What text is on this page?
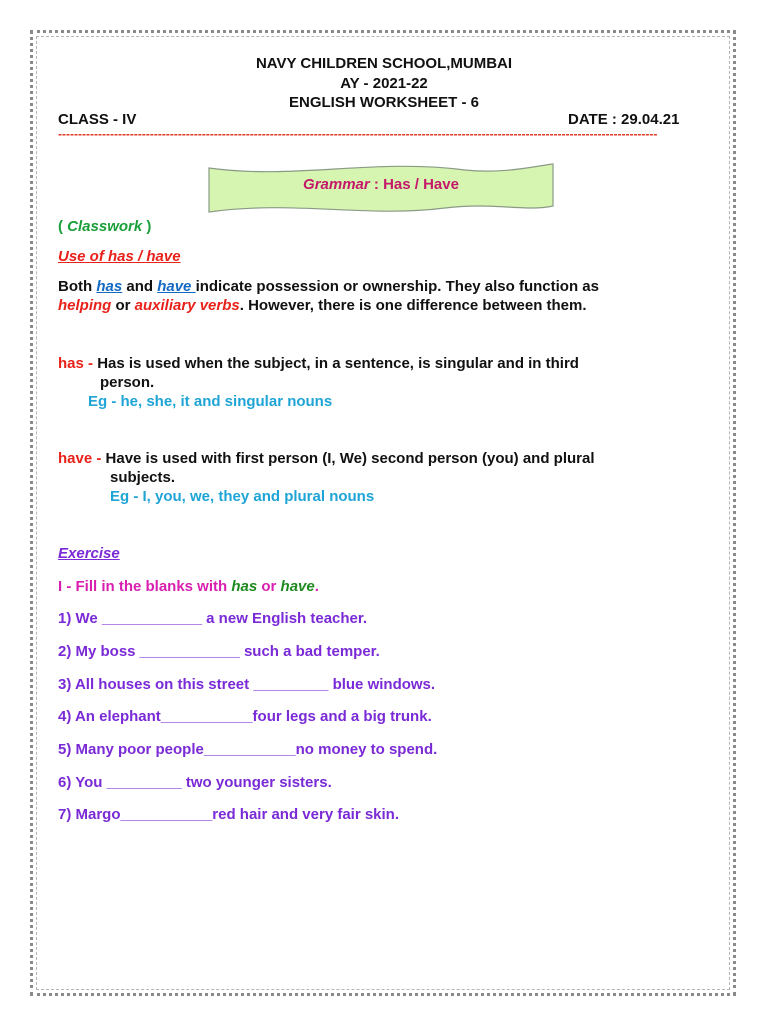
NAVY CHILDREN SCHOOL,MUMBAI
AY - 2021-22
ENGLISH WORKSHEET - 6
CLASS - IV	DATE : 29.04.21
------------------------------------------------------------------------------------------------------------------------------------------------------
Grammar : Has / Have
( Classwork )
Use of has / have
Both has and have indicate possession or ownership. They also function as
helping or auxiliary verbs. However, there is one difference between them.
has - Has is used when the subject, in a sentence, is singular and in third
person.
Eg - he, she, it and singular nouns
have - Have is used with first person (I, We) second person (you) and plural
subjects.
Eg - I, you, we, they and plural nouns
Exercise
I - Fill in the blanks with has or have.
1) We ____________ a new English teacher.
2) My boss ____________ such a bad temper.
3) All houses on this street _________ blue windows.
4) An elephant___________four legs and a big trunk.
5) Many poor people___________no money to spend.
6) You _________ two younger sisters.
7) Margo___________red hair and very fair skin.
